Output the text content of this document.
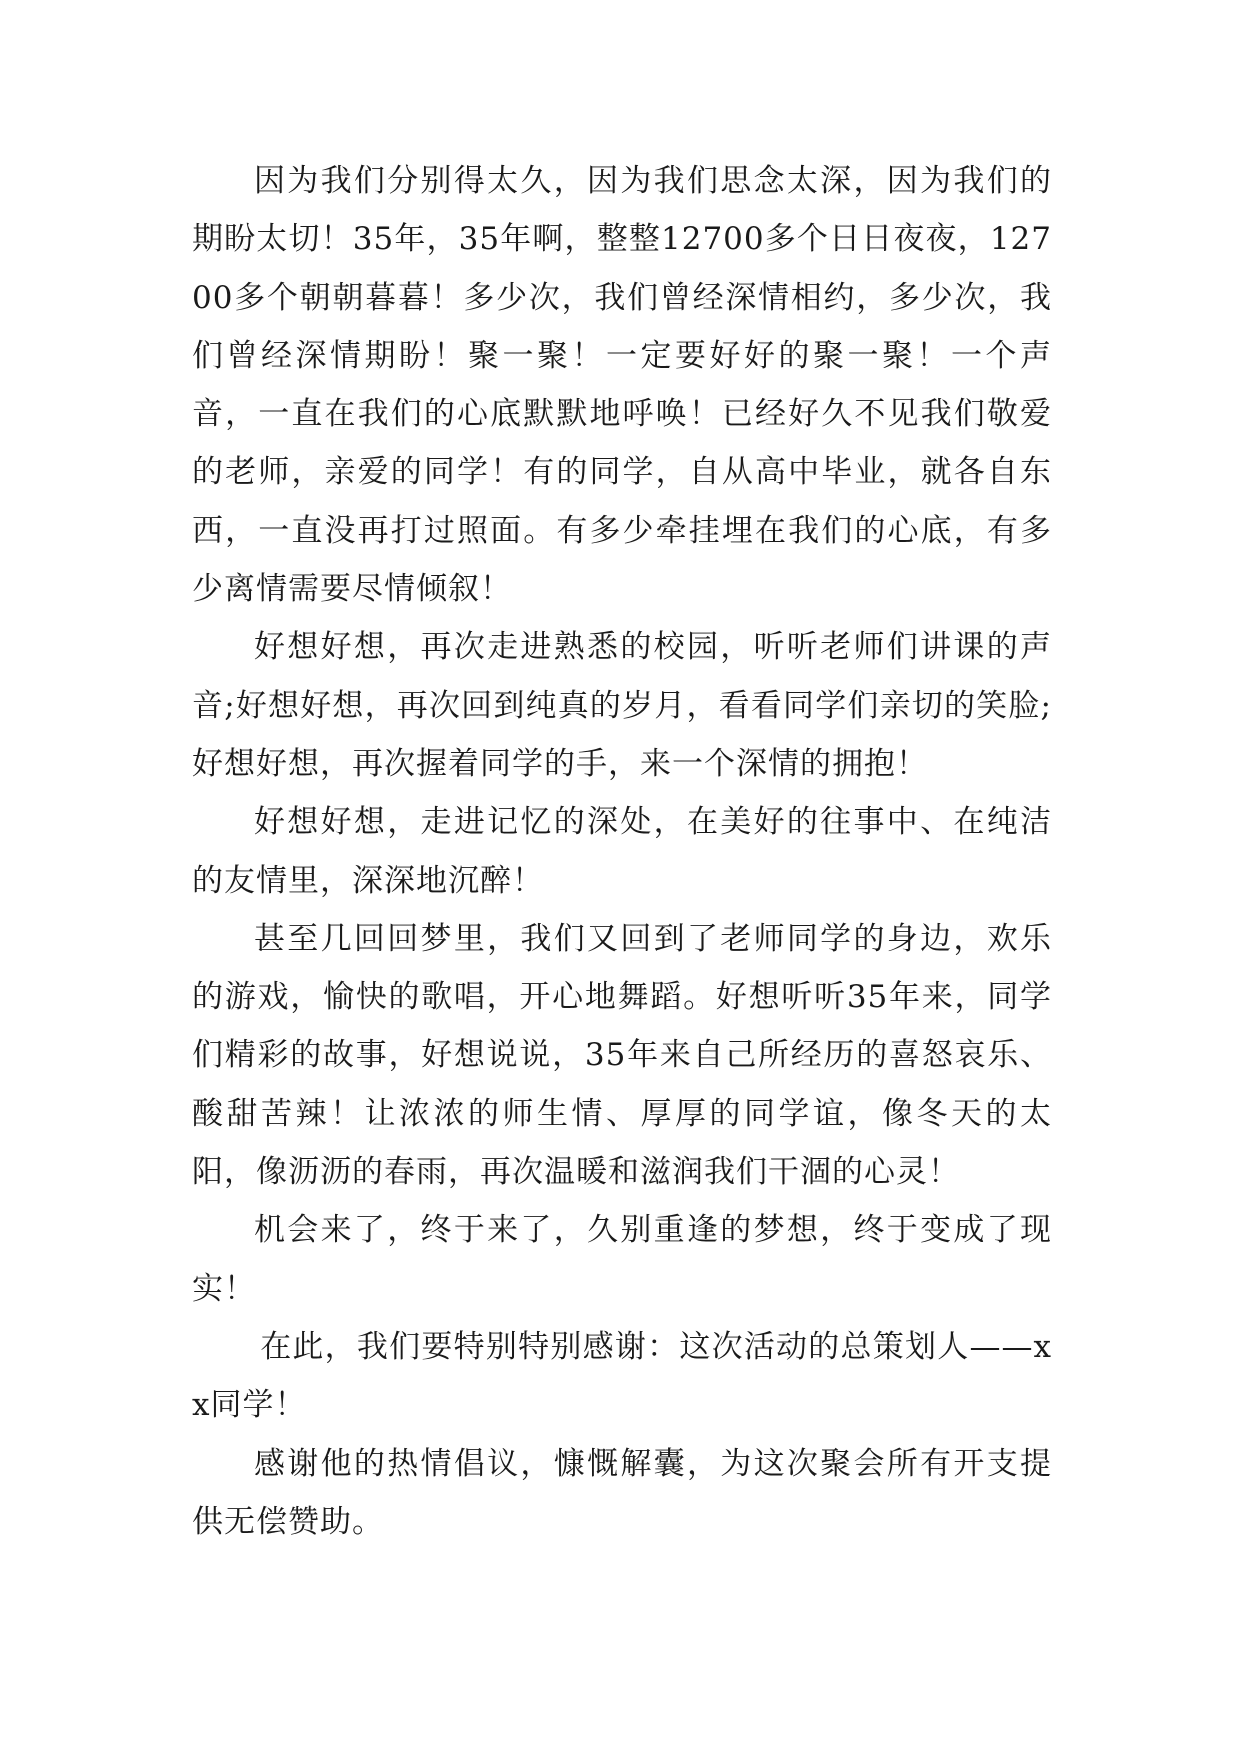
因为我们分别得太久，因为我们思念太深，因为我们的期盼太切！35年，35年啊，整整12700多个日日夜夜，12700多个朝朝暮暮！多少次，我们曾经深情相约，多少次，我们曾经深情期盼！聚一聚！一定要好好的聚一聚！一个声音，一直在我们的心底默默地呼唤！已经好久不见我们敬爱的老师，亲爱的同学！有的同学，自从高中毕业，就各自东西，一直没再打过照面。有多少牵挂埋在我们的心底，有多少离情需要尽情倾叙！

好想好想，再次走进熟悉的校园，听听老师们讲课的声音;好想好想，再次回到纯真的岁月，看看同学们亲切的笑脸;好想好想，再次握着同学的手，来一个深情的拥抱！

好想好想，走进记忆的深处，在美好的往事中、在纯洁的友情里，深深地沉醉！

甚至几回回梦里，我们又回到了老师同学的身边，欢乐的游戏，愉快的歌唱，开心地舞蹈。好想听听35年来，同学们精彩的故事，好想说说，35年来自己所经历的喜怒哀乐、酸甜苦辣！让浓浓的师生情、厚厚的同学谊，像冬天的太阳，像沥沥的春雨，再次温暖和滋润我们干涸的心灵！

机会来了，终于来了，久别重逢的梦想，终于变成了现实！

在此，我们要特别特别感谢：这次活动的总策划人——xx同学！

感谢他的热情倡议，慷慨解囊，为这次聚会所有开支提供无偿赞助。
